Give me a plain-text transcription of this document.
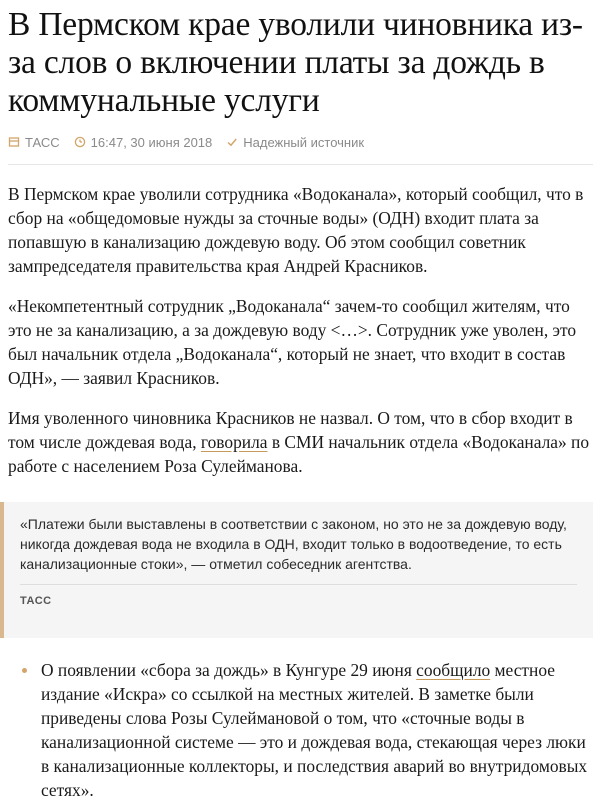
В Пермском крае уволили чиновника из-за слов о включении платы за дождь в коммунальные услуги
ТАСС 16:47, 30 июня 2018 Надежный источник

В Пермском крае уволили сотрудника «Водоканала», который сообщил, что в сбор на «общедомовые нужды за сточные воды» (ОДН) входит плата за попавшую в канализацию дождевую воду. Об этом сообщил советник зампредседателя правительства края Андрей Красников.

«Некомпетентный сотрудник „Водоканала“ зачем-то сообщил жителям, что это не за канализацию, а за дождевую воду <…>. Сотрудник уже уволен, это был начальник отдела „Водоканала“, который не знает, что входит в состав ОДН», — заявил Красников.

Имя уволенного чиновника Красников не назвал. О том, что в сбор входит в том числе дождевая вода, говорила в СМИ начальник отдела «Водоканала» по работе с населением Роза Сулейманова.

«Платежи были выставлены в соответствии с законом, но это не за дождевую воду, никогда дождевая вода не входила в ОДН, входит только в водоотведение, то есть канализационные стоки», — отметил собеседник агентства.

ТАСС

О появлении «сбора за дождь» в Кунгуре 29 июня сообщило местное издание «Искра» со ссылкой на местных жителей. В заметке были приведены слова Розы Сулеймановой о том, что «сточные воды в канализационной системе — это и дождевая вода, стекающая через люки в канализационные коллекторы, и последствия аварий во внутридомовых сетях».
